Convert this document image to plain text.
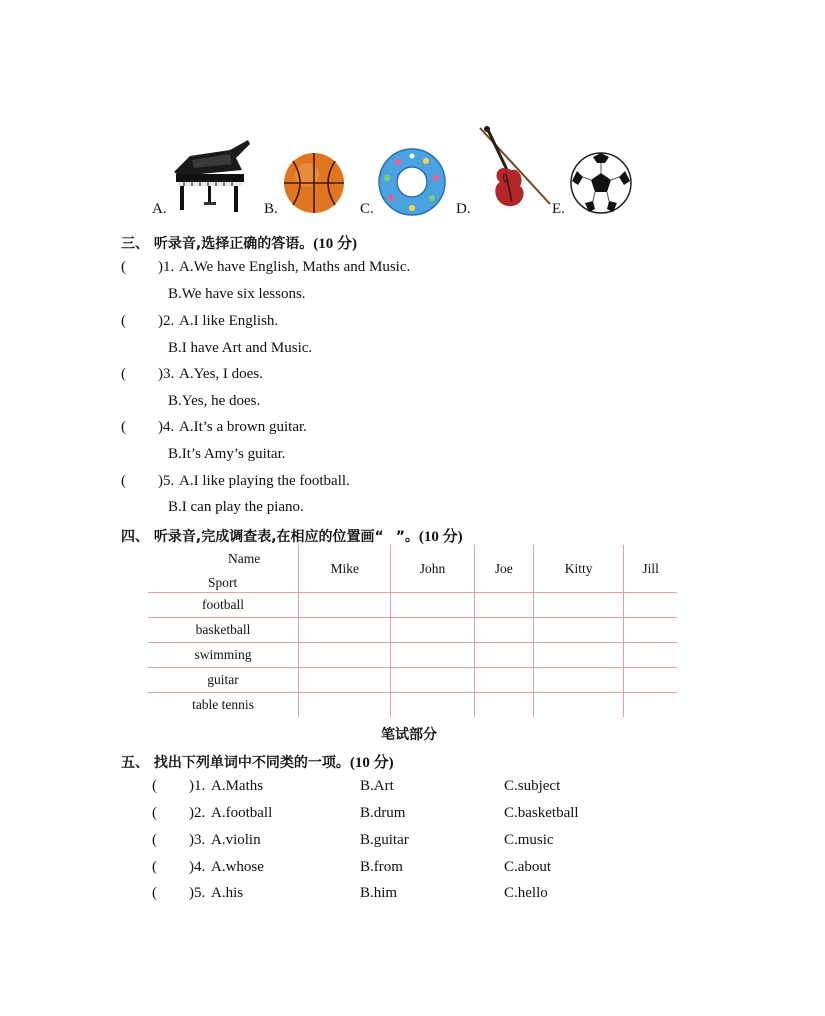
A.	B.	C.	D.	E.
三、 听录音,选择正确的答语。(10 分)
( )1. A.We have English, Maths and Music.
B.We have six lessons.
( )2. A.I like English.
B.I have Art and Music.
( )3. A.Yes, I does.
B.Yes, he does.
( )4. A.It’s a brown guitar.
B.It’s Amy’s guitar.
( )5. A.I like playing the football.
B.I can play the piano.
四、 听录音,完成调查表,在相应的位置画“ ”。(10 分)
Name
Sport	Mike	John	Joe	Kitty	Jill
football					
basketball					
swimming					
guitar					
table tennis					
笔试部分
五、 找出下列单词中不同类的一项。(10 分)
( )1. A.Maths	B.Art	C.subject
( )2. A.football	B.drum	C.basketball
( )3. A.violin	B.guitar	C.music
( )4. A.whose	B.from	C.about
( )5. A.his	B.him	C.hello
